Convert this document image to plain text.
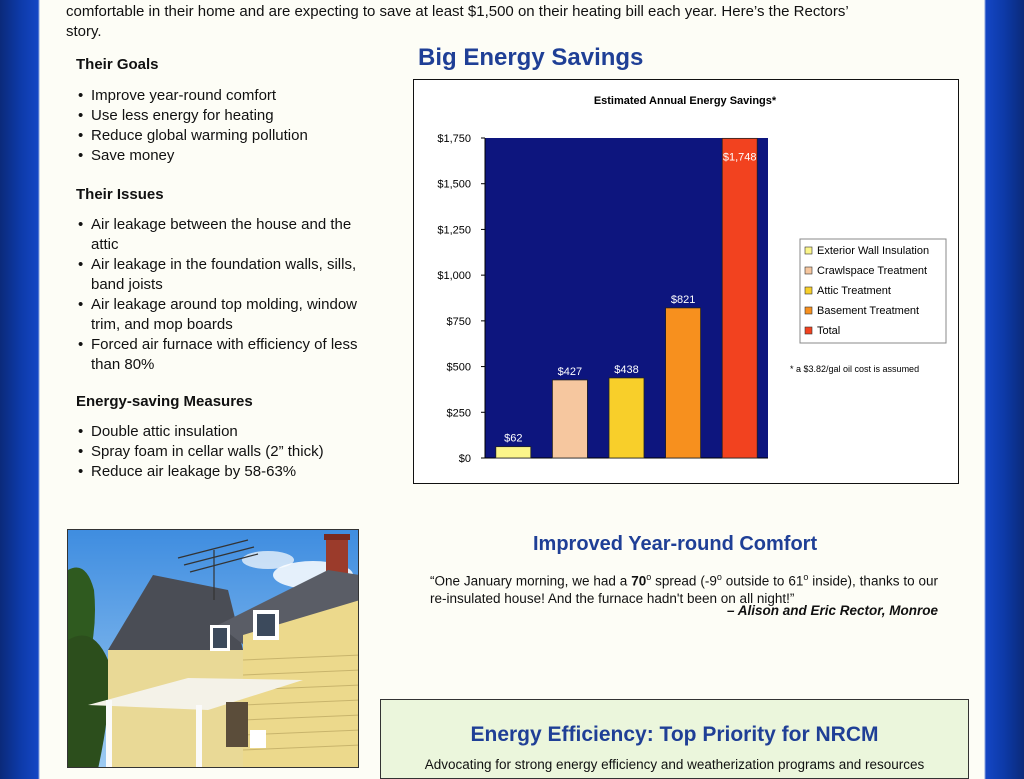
comfortable in their home and are expecting to save at least $1,500 on their heating bill each year. Here’s the Rectors’

story.

Their Goals
• Improve year-round comfort
• Use less energy for heating
• Reduce global warming pollution
• Save money
Their Issues
• Air leakage between the house and the attic
• Air leakage in the foundation walls, sills, band joists
• Air leakage around top molding, window trim, and mop boards
• Forced air furnace with efficiency of less than 80%
Energy-saving Measures
• Double attic insulation
• Spray foam in cellar walls (2” thick)
• Reduce air leakage by 58-63%
Big Energy Savings
Estimated Annual Energy Savings*
$0
$250
$500
$750
$1,000
$1,250
$1,500
$1,750
$62
$427	$438
$821
$1,748
Exterior Wall Insulation
Crawlspace Treatment
Attic Treatment
Basement Treatment
Total
* a $3.82/gal oil cost is assumed
Improved Year-round Comfort
“One January morning, we had a 70$^o$ spread (-9$^o$ outside to 61$^o$ inside), thanks to our re-insulated house! And the furnace hadn't been on all night!”
– Alison and Eric Rector, Monroe
Energy Efficiency: Top Priority for NRCM
Advocating for strong energy efficiency and weatherization programs and resources
